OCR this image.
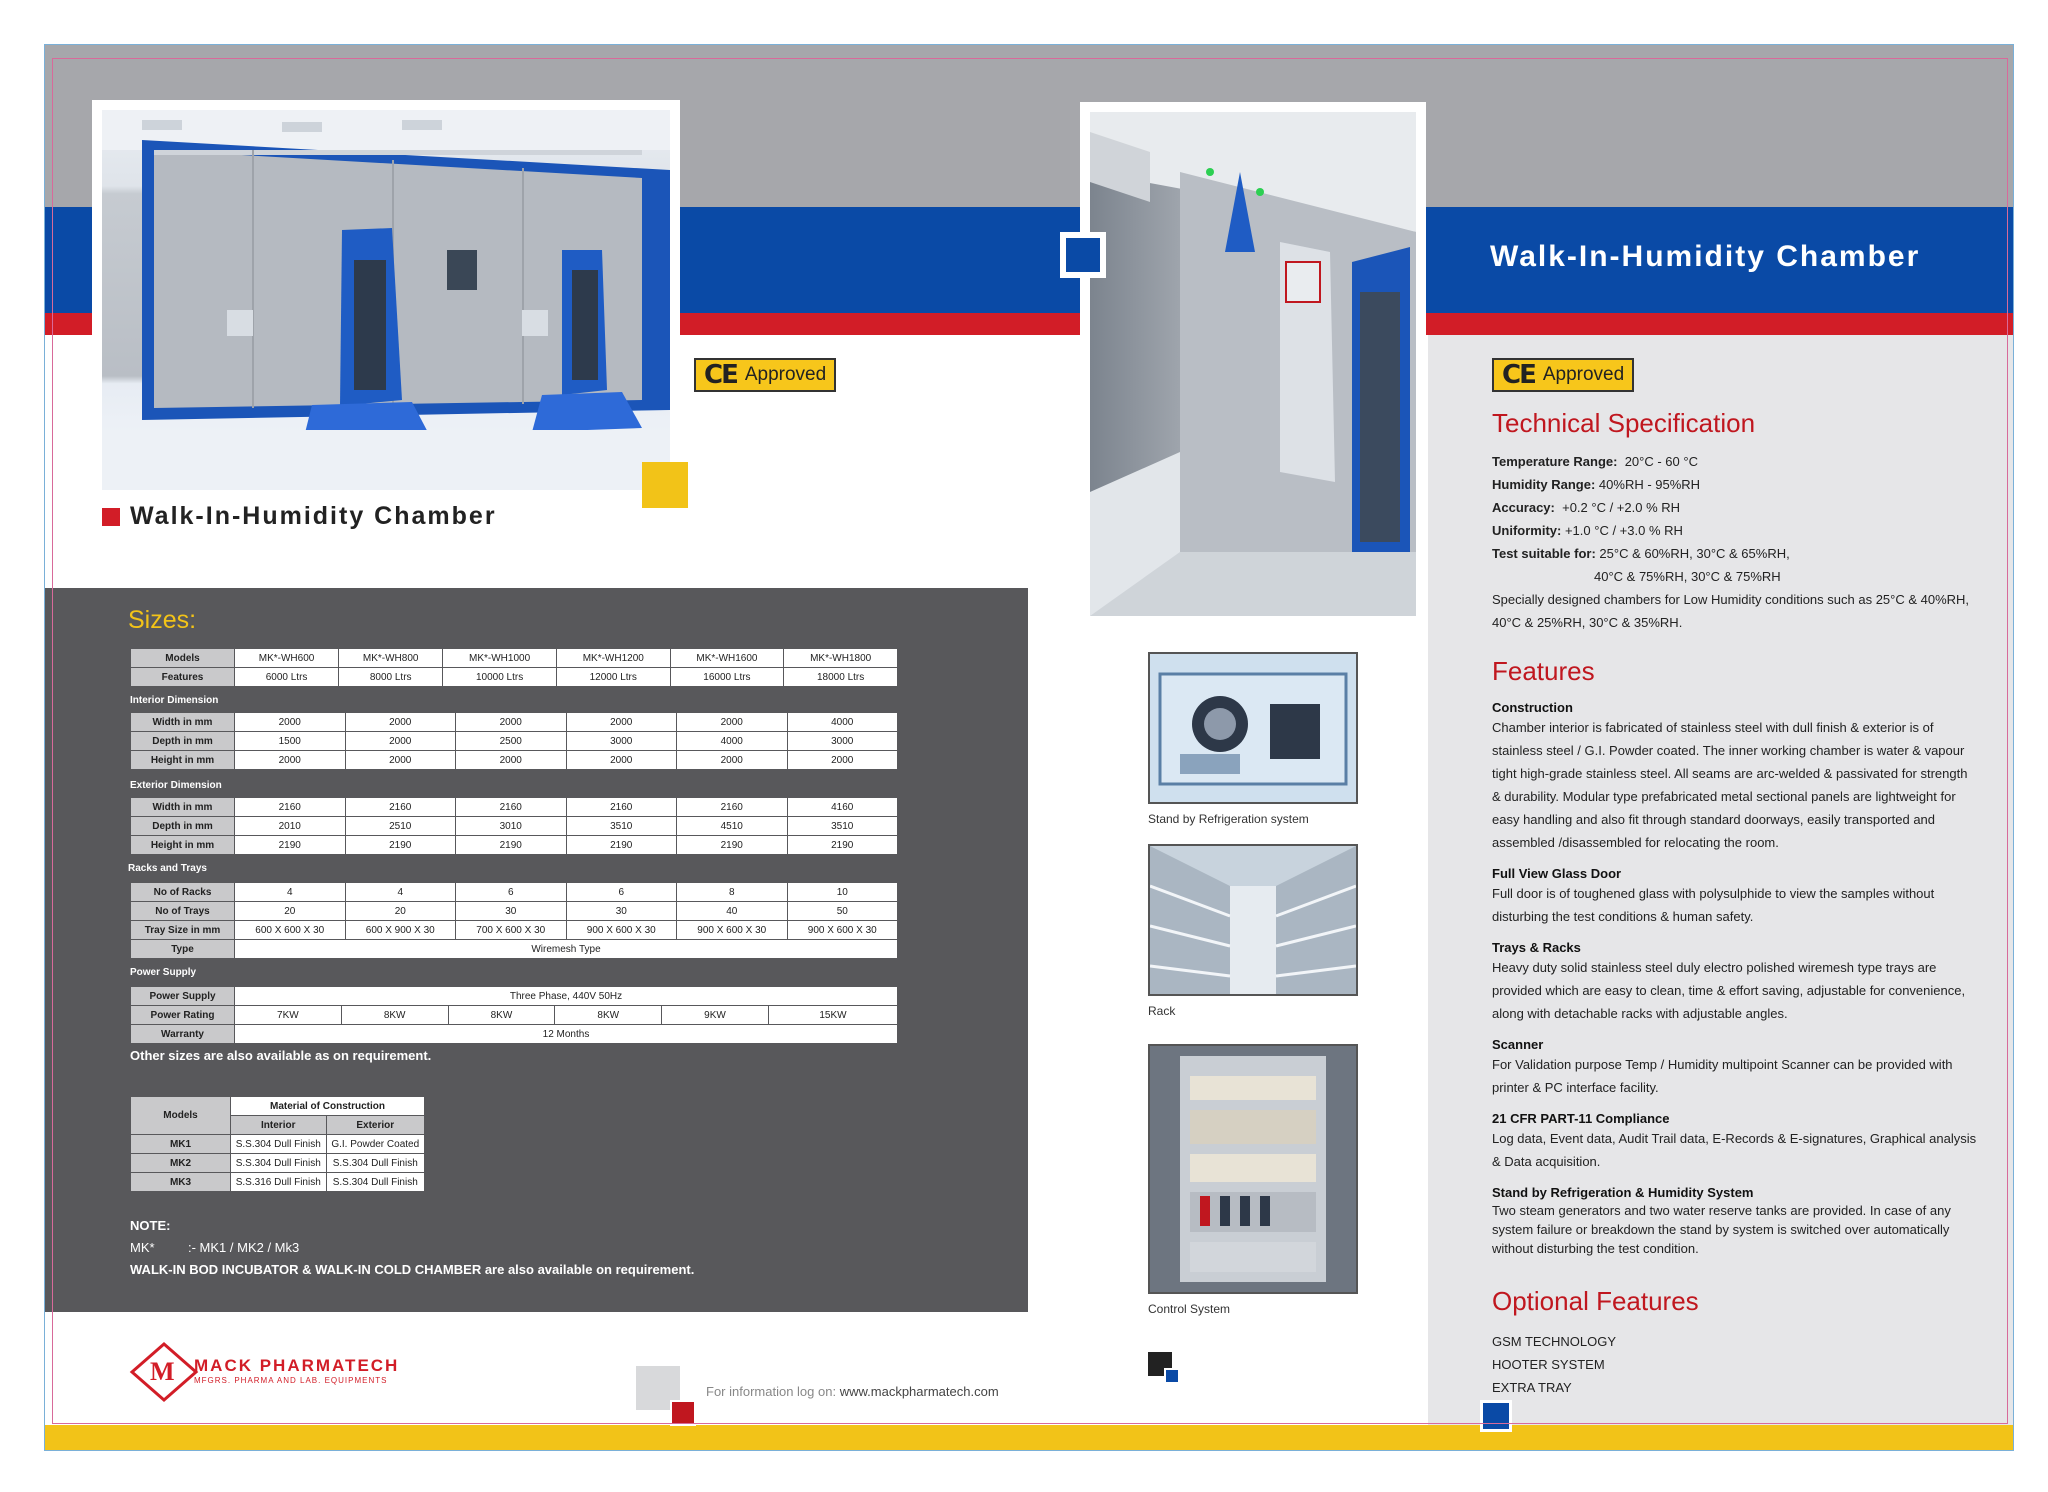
CE Approved
Walk-In-Humidity Chamber
Sizes:
Models	MK*-WH600	MK*-WH800	MK*-WH1000	MK*-WH1200	MK*-WH1600	MK*-WH1800
Features	6000 Ltrs	8000 Ltrs	10000 Ltrs	12000 Ltrs	16000 Ltrs	18000 Ltrs
Interior Dimension
Width in mm	2000	2000	2000	2000	2000	4000
Depth in mm	1500	2000	2500	3000	4000	3000
Height in mm	2000	2000	2000	2000	2000	2000
Exterior Dimension
Width in mm	2160	2160	2160	2160	2160	4160
Depth in mm	2010	2510	3010	3510	4510	3510
Height in mm	2190	2190	2190	2190	2190	2190
Racks and Trays
No of Racks	4	4	6	6	8	10
No of Trays	20	20	30	30	40	50
Tray Size in mm	600 X 600 X 30	600 X 900 X 30	700 X 600 X 30	900 X 600 X 30	900 X 600 X 30	900 X 600 X 30
Type	Wiremesh Type					
Power Supply
Power Supply	Three Phase, 440V 50Hz					
Power Rating	7KW	8KW	8KW	8KW	9KW	15KW
Warranty	12 Months					
Other sizes are also available as on requirement.
Models	Material of Construction	
	Interior	Exterior
MK1	S.S.304 Dull Finish	G.I. Powder Coated
MK2	S.S.304 Dull Finish	S.S.304 Dull Finish
MK3	S.S.316 Dull Finish	S.S.304 Dull Finish
NOTE:
MK*	:- MK1 / MK2 / Mk3
WALK-IN BOD INCUBATOR & WALK-IN COLD CHAMBER are also available on requirement.
M MACK PHARMATECH
MFGRS. PHARMA AND LAB. EQUIPMENTS
For information log on: www.mackpharmatech.com
Stand by Refrigeration system
Rack
Control System
Walk-In-Humidity Chamber
CE Approved
Technical Specification
Temperature Range: 20°C - 60 °C
Humidity Range: 40%RH - 95%RH
Accuracy: +0.2 °C / +2.0 % RH
Uniformity: +1.0 °C / +3.0 % RH
Test suitable for: 25°C & 60%RH, 30°C & 65%RH,
40°C & 75%RH, 30°C & 75%RH
Specially designed chambers for Low Humidity conditions such as 25°C & 40%RH,
40°C & 25%RH, 30°C & 35%RH.
Features
Construction
Chamber interior is fabricated of stainless steel with dull finish & exterior is of
stainless steel / G.I. Powder coated. The inner working chamber is water & vapour
tight high-grade stainless steel. All seams are arc-welded & passivated for strength
& durability. Modular type prefabricated metal sectional panels are lightweight for
easy handling and also fit through standard doorways, easily transported and
assembled /disassembled for relocating the room.
Full View Glass Door
Full door is of toughened glass with polysulphide to view the samples without
disturbing the test conditions & human safety.
Trays & Racks
Heavy duty solid stainless steel duly electro polished wiremesh type trays are
provided which are easy to clean, time & effort saving, adjustable for convenience,
along with detachable racks with adjustable angles.
Scanner
For Validation purpose Temp / Humidity multipoint Scanner can be provided with
printer & PC interface facility.
21 CFR PART-11 Compliance
Log data, Event data, Audit Trail data, E-Records & E-signatures, Graphical analysis
& Data acquisition.
Stand by Refrigeration & Humidity System
Two steam generators and two water reserve tanks are provided. In case of any
system failure or breakdown the stand by system is switched over automatically
without disturbing the test condition.
Optional Features
GSM TECHNOLOGY
HOOTER SYSTEM
EXTRA TRAY
